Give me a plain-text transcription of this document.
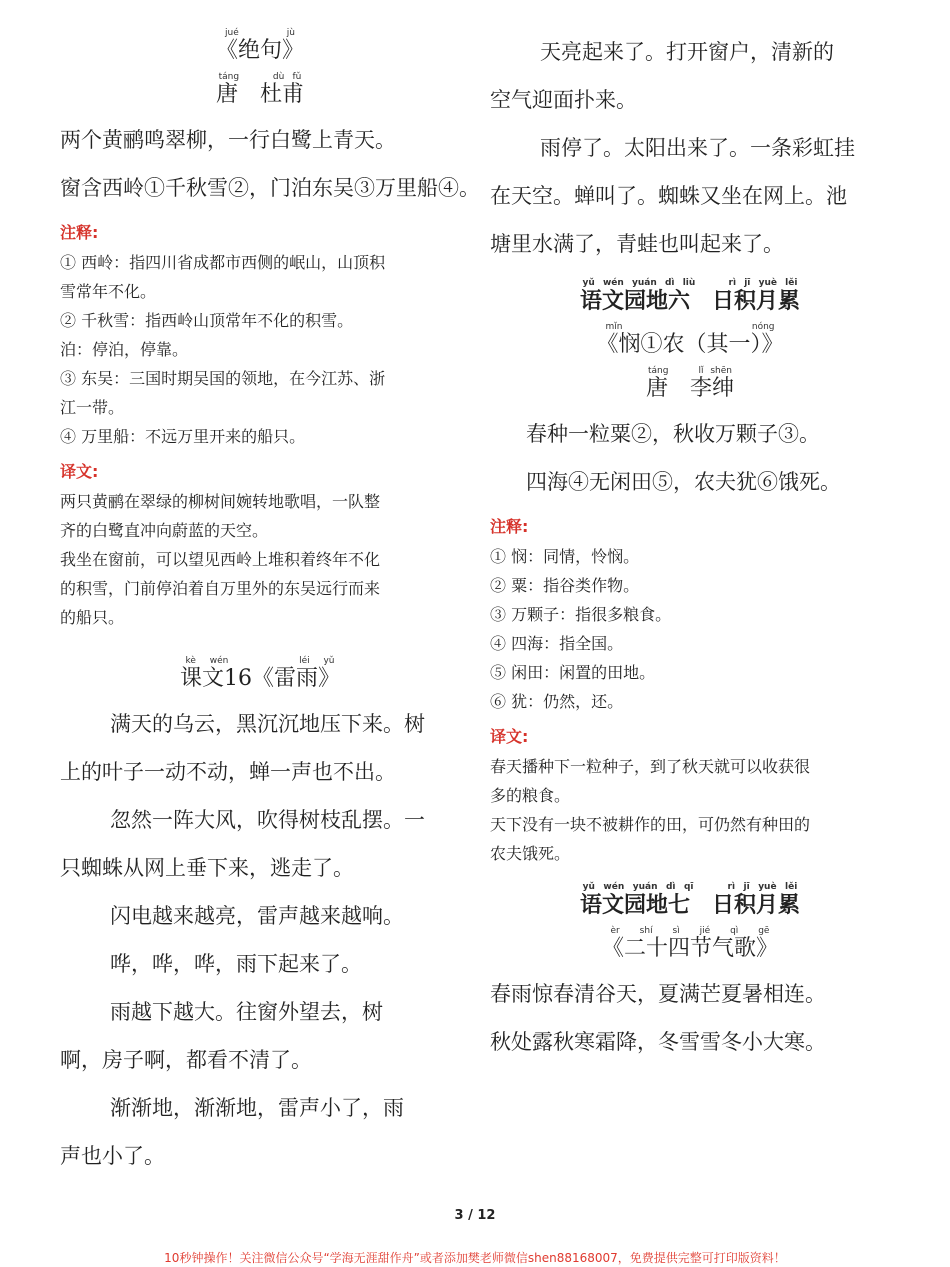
《绝句》jué jù

唐　杜甫táng　　dù fǔ

两个黄鹂鸣翠柳，一行白鹭上青天。

窗含西岭①千秋雪②，门泊东吴③万里船④。

注释:

① 西岭：指四川省成都市西侧的岷山，山顶积

雪常年不化。

② 千秋雪：指西岭山顶常年不化的积雪。

泊：停泊，停靠。

③ 东吴：三国时期吴国的领地，在今江苏、浙

江一带。

④ 万里船：不远万里开来的船只。

译文:

两只黄鹂在翠绿的柳树间婉转地歌唱，一队整

齐的白鹭直冲向蔚蓝的天空。

我坐在窗前，可以望见西岭上堆积着终年不化

的积雪，门前停泊着自万里外的东吴远行而来

的船只。

课文16《雷雨》kè wén　　　léi yǔ

满天的乌云，黑沉沉地压下来。树

上的叶子一动不动，蝉一声也不出。

忽然一阵大风，吹得树枝乱摆。一

只蜘蛛从网上垂下来，逃走了。

闪电越来越亮，雷声越来越响。

哗，哗，哗，雨下起来了。

雨越下越大。往窗外望去，树

啊，房子啊，都看不清了。

渐渐地，渐渐地，雷声小了，雨

声也小了。

天亮起来了。打开窗户，清新的

空气迎面扑来。

雨停了。太阳出来了。一条彩虹挂

在天空。蝉叫了。蜘蛛又坐在网上。池

塘里水满了，青蛙也叫起来了。

语文园地六　日积月累yǔ wén yuán dì liù　　rì jī yuè lěi

《悯①农（其一）》mǐn nóng

唐　李绅táng　　lǐ shēn

春种一粒粟②，秋收万颗子③。

四海④无闲田⑤，农夫犹⑥饿死。

注释:

① 悯：同情，怜悯。

② 粟：指谷类作物。

③ 万颗子：指很多粮食。

④ 四海：指全国。

⑤ 闲田：闲置的田地。

⑥ 犹：仍然，还。

译文:

春天播种下一粒种子，到了秋天就可以收获很

多的粮食。

天下没有一块不被耕作的田，可仍然有种田的

农夫饿死。

语文园地七　日积月累yǔ wén yuán dì qī　　rì jī yuè lěi

《二十四节气歌》èr shí sì jié qì gē

春雨惊春清谷天，夏满芒夏暑相连。

秋处露秋寒霜降，冬雪雪冬小大寒。

3 / 12
10秒钟操作！关注微信公众号“学海无涯甜作舟”或者添加樊老师微信shen88168007，免费提供完整可打印版资料！
